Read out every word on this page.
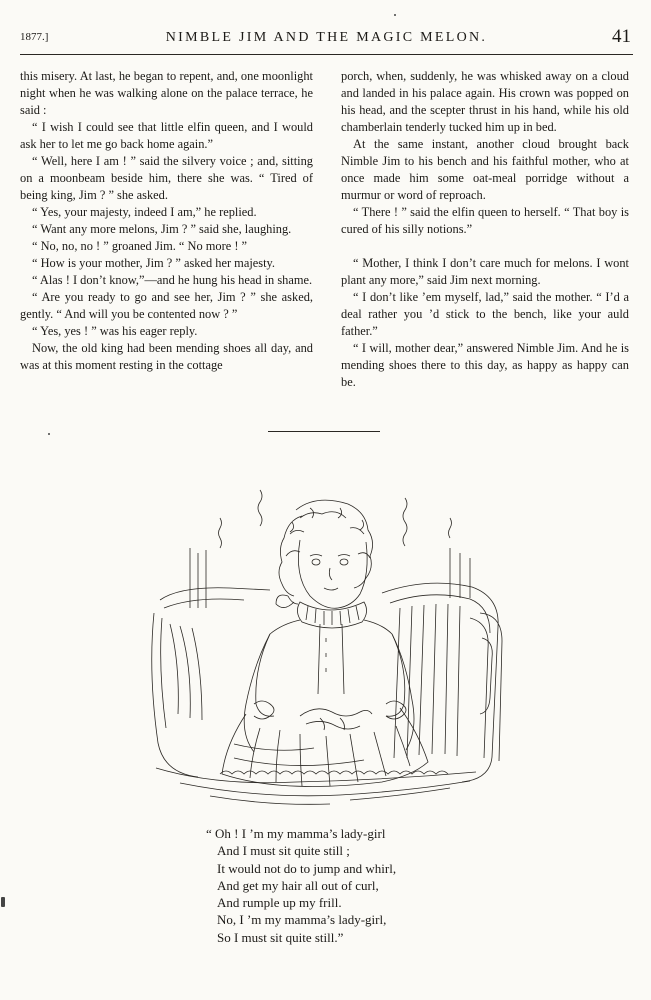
1877.]	NIMBLE JIM AND THE MAGIC MELON.	41

this misery. At last, he began to repent, and, one moonlight night when he was walking alone on the palace terrace, he said :

“ I wish I could see that little elfin queen, and I would ask her to let me go back home again.”

“ Well, here I am ! ” said the silvery voice ; and, sitting on a moonbeam beside him, there she was. “ Tired of being king, Jim ? ” she asked.

“ Yes, your majesty, indeed I am,” he replied.

“ Want any more melons, Jim ? ” said she, laughing.

“ No, no, no ! ” groaned Jim. “ No more ! ”

“ How is your mother, Jim ? ” asked her majesty.

“ Alas ! I don’t know,”—and he hung his head in shame.

“ Are you ready to go and see her, Jim ? ” she asked, gently. “ And will you be contented now ? ”

“ Yes, yes ! ” was his eager reply.

Now, the old king had been mending shoes all day, and was at this moment resting in the cottage

porch, when, suddenly, he was whisked away on a cloud and landed in his palace again. His crown was popped on his head, and the scepter thrust in his hand, while his old chamberlain tenderly tucked him up in bed.

At the same instant, another cloud brought back Nimble Jim to his bench and his faithful mother, who at once made him some oat-meal porridge without a murmur or word of reproach.

“ There ! ” said the elfin queen to herself. “ That boy is cured of his silly notions.”

“ Mother, I think I don’t care much for melons. I wont plant any more,” said Jim next morning.

“ I don’t like ’em myself, lad,” said the mother. “ I’d a deal rather you ’d stick to the bench, like your auld father.”

“ I will, mother dear,” answered Nimble Jim. And he is mending shoes there to this day, as happy as happy can be.

“ Oh ! I ’m my mamma’s lady-girl
And I must sit quite still ;
It would not do to jump and whirl,
And get my hair all out of curl,
And rumple up my frill.
No, I ’m my mamma’s lady-girl,
So I must sit quite still.”
